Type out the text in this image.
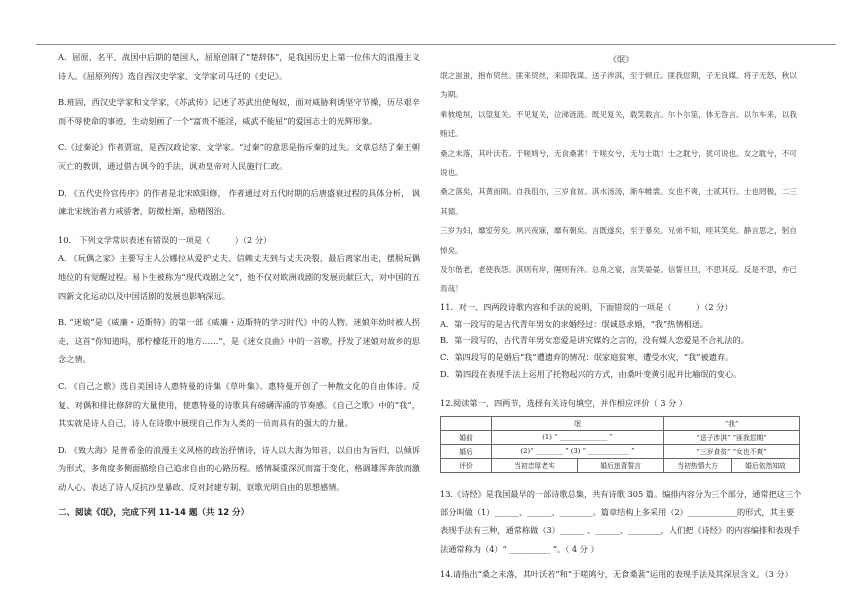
A．屈原，名平，战国中后期的楚国人，屈原创制了“楚辞体”，是我国历史上第一位伟大的浪漫主义诗人。《屈原列传》选自西汉史学家、文学家司马迁的《史记》。

B.班固，西汉史学家和文学家，《苏武传》记述了苏武出使匈奴，面对威胁利诱坚守节操，历尽艰辛而不辱使命的事迹，生动刻画了一个“富贵不能淫，威武不能屈”的爱国志士的光辉形象。

C.《过秦论》作者贾谊，是西汉政论家、文学家。“过秦”的意思是指斥秦的过失。文章总结了秦王朝灭亡的教训，通过借古讽今的手法，讽劝皇帝对人民施行仁政。

D. 《五代史伶官传序》的作者是北宋欧阳修， 作者通过对五代时期的后唐盛衰过程的具体分析， 讽谏北宋统治者力戒骄奢，防微杜渐，励精图治。

10.　下列文学常识表述有错误的一项是（　　　）（2 分）

A. 《玩偶之家》主要写主人公娜拉从爱护丈夫、信赖丈夫到与丈夫决裂，最后离家出走，摆脱玩偶地位的有觉醒过程。易卜生被称为“现代戏剧之父”，他不仅对欧洲戏剧的发展贡献巨大，对中国的五四新文化运动以及中国话剧的发展也影响深远。

B. “迷娘”是《威廉・迈斯特》的第一部《威廉・迈斯特的学习时代》中的人物。迷娘年幼时被人拐走，这首“你知道吗，那柠檬花开的地方……”，是《迷女良曲》中的一首歌，抒发了迷娘对故乡的思念之情。

C. 《自己之歌》选自美国诗人惠特曼的诗集《草叶集》。惠特曼开创了一种散文化的自由体诗。反复、对偶和排比修辞的大量使用，使惠特曼的诗歌具有磅礴浑涌的节奏感。《自己之歌》中的“我”，其实就是诗人自己，诗人在诗歌中展现自己作为人类的一员而具有的强大的力量。

D. 《致大海》是普希金的浪漫主义风格的政治抒情诗，诗人以大海为知音，以自由为旨归，以倾诉为形式，多角度多侧面描绘自己追求自由的心路历程。感情凝重深沉而富于变化，格调雄浑奔放而激动人心。表达了诗人反抗沙皇暴政、反对封建专制、讴歌光明自由的思想感情。

二、阅读《氓》，完成下列 11-14 题（共 12 分）

《氓》

氓之蚩蚩，抱布贸丝。匪来贸丝，来即我谋。送子涉淇，至于顿丘。匪我愆期，子无良媒。将子无怒，秋以为期。

乘彼垝垣，以望复关。不见复关，泣涕涟涟。既见复关，载笑载言。尔卜尔筮，体无咎言。以尔车来，以我贿迁。

桑之未落，其叶沃若。于嗟鸠兮，无食桑葚！于嗟女兮，无与士耽！士之耽兮，犹可说也。女之耽兮，不可说也。

桑之落矣，其黄而陨。自我徂尔，三岁食贫。淇水汤汤，渐车帷裳。女也不爽，士贰其行。士也罔极，二三其德。

三岁为妇，靡室劳矣。夙兴夜寐，靡有朝矣。言既遂矣，至于暴矣。兄弟不知，咥其笑矣。静言思之，躬自悼矣。

及尔偕老，老使我怨。淇则有岸，隰则有泮。总角之宴，言笑晏晏。信誓旦旦，不思其反。反是不思，亦已焉哉！

11．对一、四两段诗歌内容和手法的说明，下面错误的一项是（　　　）（2 分）

A．第一段写的是古代青年男女的求婚经过：氓诚恳求婚，“我”热情相送。

B．第一段写的，古代青年男女恋爱是讲究媒妁之言的，没有媒人恋爱是不合礼法的。

C．第四段写的是婚后“我”遭遗弃的情况：氓家庭贫寒，遭受水灾，“我”被遗弃。

D．第四段在表现手法上运用了托物起兴的方式，由桑叶变黄引起并比喻氓的变心。

12.阅读第一、四两节，选择有关诗句填空，并作相应评价（ 3 分 ）

	氓		“我”	
婚前	(1) “ ______________ ”		“送子涉淇” “匪我愆期”	
婚后	(2)“ ________ ” (3) “ ____________ ”		“三岁食贫” “女也不爽”	
评价	当初忠厚老实	婚后违背誓言	当初热情大方	婚后依然知故

13.《诗经》是我国最早的一部诗歌总集，共有诗歌 305 篇。编排内容分为三个部分，通常把这三个部分叫做（1）______、______、________。篇章结构上多采用（2）____________的形式，其主要表现手法有三种，通常称做（3）______ 、______、________，人们把《诗经》的内容编排和表现手法通常称为（4）“ __________ ”。（ 4 分 ）

14.请指出“桑之未落，其叶沃若”和“于嗟鸠兮，无食桑葚”运用的表现手法及其深层含义。（3 分）
